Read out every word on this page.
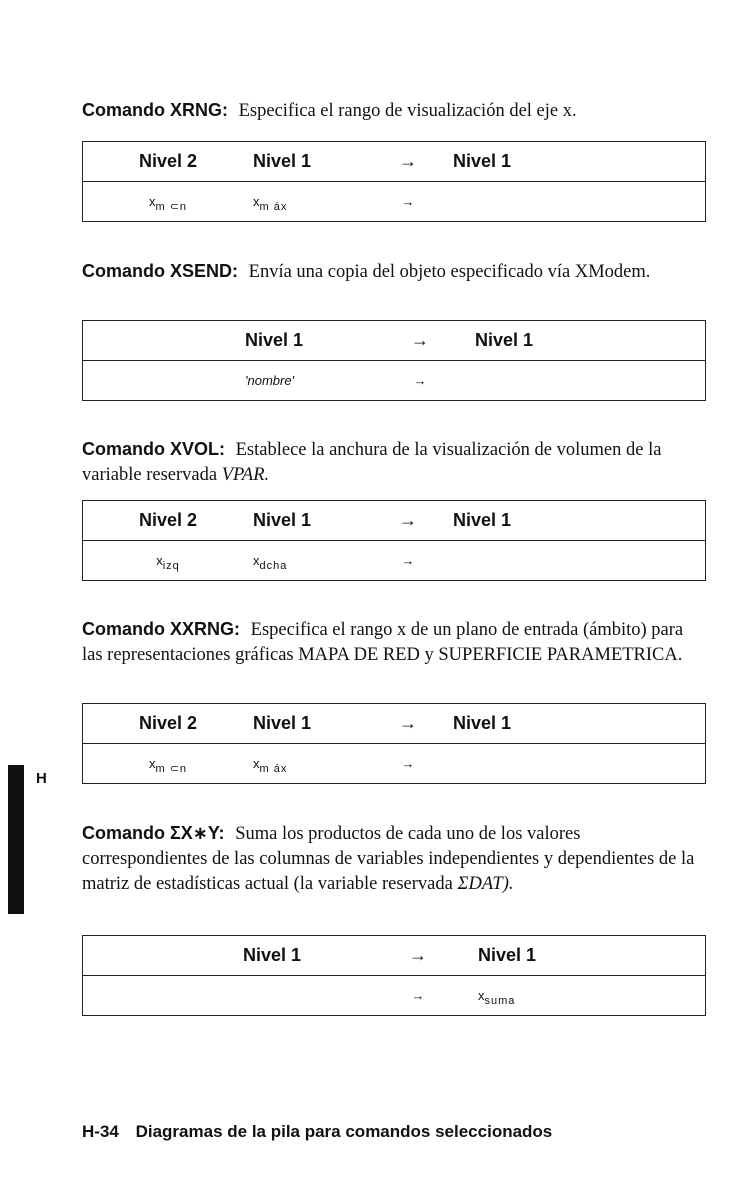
Comando XRNG: Especifica el rango de visualización del eje x.

Nivel 2	Nivel 1	→	Nivel 1
$x_{m \subset n}$	$x_{m áx}$	→	

Comando XSEND: Envía una copia del objeto especificado vía XModem.

	Nivel 1	→	Nivel 1
	'nombre'	→	

Comando XVOL: Establece la anchura de la visualización de volumen de la variable reservada VPAR.

Nivel 2	Nivel 1	→	Nivel 1
$x_{izq}$	$x_{dcha}$	→	

Comando XXRNG: Especifica el rango x de un plano de entrada (ámbito) para las representaciones gráficas MAPA DE RED y SUPERFICIE PARAMETRICA.

Nivel 2	Nivel 1	→	Nivel 1
$x_{m \subset n}$	$x_{m áx}$	→	
H

Comando ΣX∗Y: Suma los productos de cada uno de los valores correspondientes de las columnas de variables independientes y dependientes de la matriz de estadísticas actual (la variable reservada ΣDAT).

	Nivel 1	→	Nivel 1
		→	$x_{suma}$
H-34 Diagramas de la pila para comandos seleccionados
